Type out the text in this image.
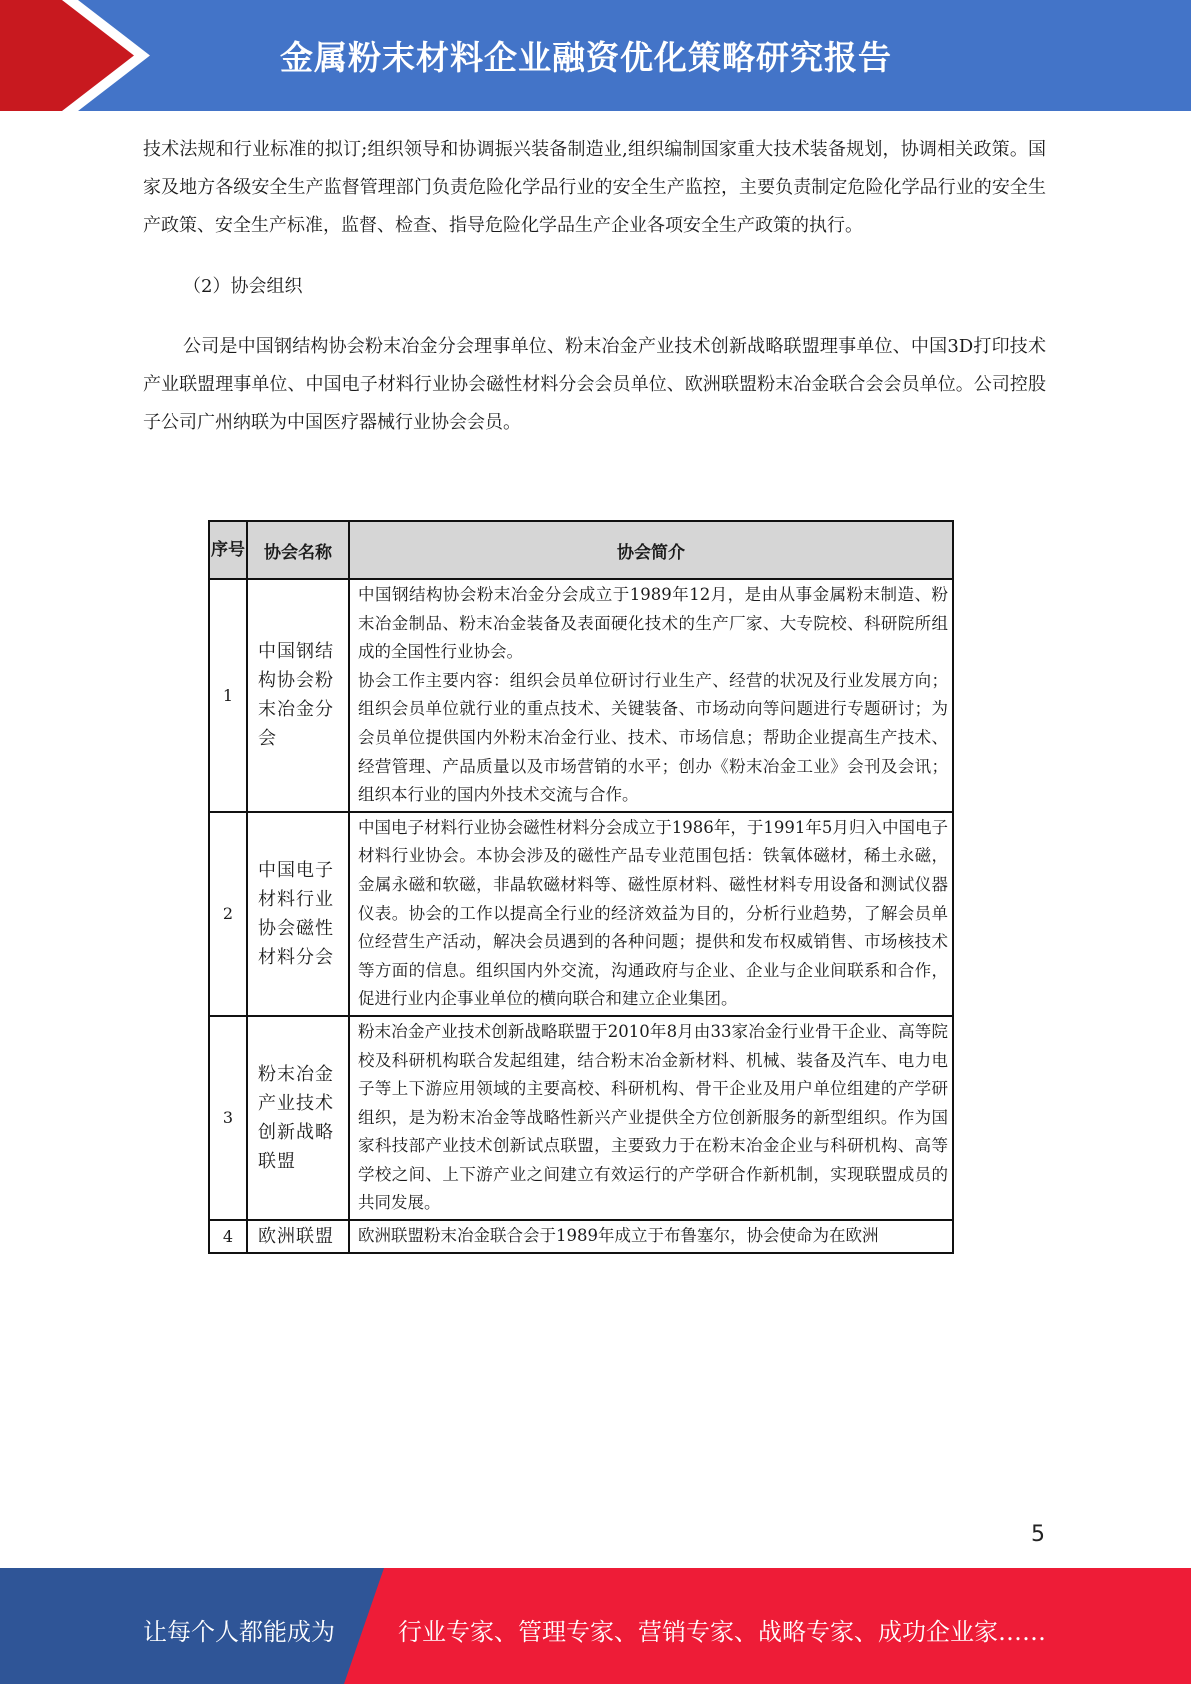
金属粉末材料企业融资优化策略研究报告

技术法规和行业标准的拟订;组织领导和协调振兴装备制造业,组织编制国家重大技术装备规划，协调相关政策。国家及地方各级安全生产监督管理部门负责危险化学品行业的安全生产监控，主要负责制定危险化学品行业的安全生产政策、安全生产标准，监督、检查、指导危险化学品生产企业各项安全生产政策的执行。

（2）协会组织

公司是中国钢结构协会粉末冶金分会理事单位、粉末冶金产业技术创新战略联盟理事单位、中国3D打印技术产业联盟理事单位、中国电子材料行业协会磁性材料分会会员单位、欧洲联盟粉末冶金联合会会员单位。公司控股子公司广州纳联为中国医疗器械行业协会会员。

序号	协会名称	协会简介
1	中国钢结构协会粉末冶金分会	中国钢结构协会粉末冶金分会成立于1989年12月，是由从事金属粉末制造、粉末冶金制品、粉末冶金装备及表面硬化技术的生产厂家、大专院校、科研院所组成的全国性行业协会。

协会工作主要内容：组织会员单位研讨行业生产、经营的状况及行业发展方向；组织会员单位就行业的重点技术、关键装备、市场动向等问题进行专题研讨；为会员单位提供国内外粉末冶金行业、技术、市场信息；帮助企业提高生产技术、经营管理、产品质量以及市场营销的水平；创办《粉末冶金工业》会刊及会讯；组织本行业的国内外技术交流与合作。

2	中国电子材料行业协会磁性材料分会	中国电子材料行业协会磁性材料分会成立于1986年，于1991年5月归入中国电子材料行业协会。本协会涉及的磁性产品专业范围包括：铁氧体磁材，稀土永磁，金属永磁和软磁，非晶软磁材料等、磁性原材料、磁性材料专用设备和测试仪器仪表。协会的工作以提高全行业的经济效益为目的，分析行业趋势，了解会员单位经营生产活动，解决会员遇到的各种问题；提供和发布权威销售、市场核技术等方面的信息。组织国内外交流，沟通政府与企业、企业与企业间联系和合作，促进行业内企事业单位的横向联合和建立企业集团。

3	粉末冶金产业技术创新战略联盟	粉末冶金产业技术创新战略联盟于2010年8月由33家冶金行业骨干企业、高等院校及科研机构联合发起组建，结合粉末冶金新材料、机械、装备及汽车、电力电子等上下游应用领域的主要高校、科研机构、骨干企业及用户单位组建的产学研组织，是为粉末冶金等战略性新兴产业提供全方位创新服务的新型组织。作为国家科技部产业技术创新试点联盟，主要致力于在粉末冶金企业与科研机构、高等学校之间、上下游产业之间建立有效运行的产学研合作新机制，实现联盟成员的共同发展。

4	欧洲联盟	欧洲联盟粉末冶金联合会于1989年成立于布鲁塞尔，协会使命为在欧洲

5
让每个人都能成为	行业专家、管理专家、营销专家、战略专家、成功企业家……
